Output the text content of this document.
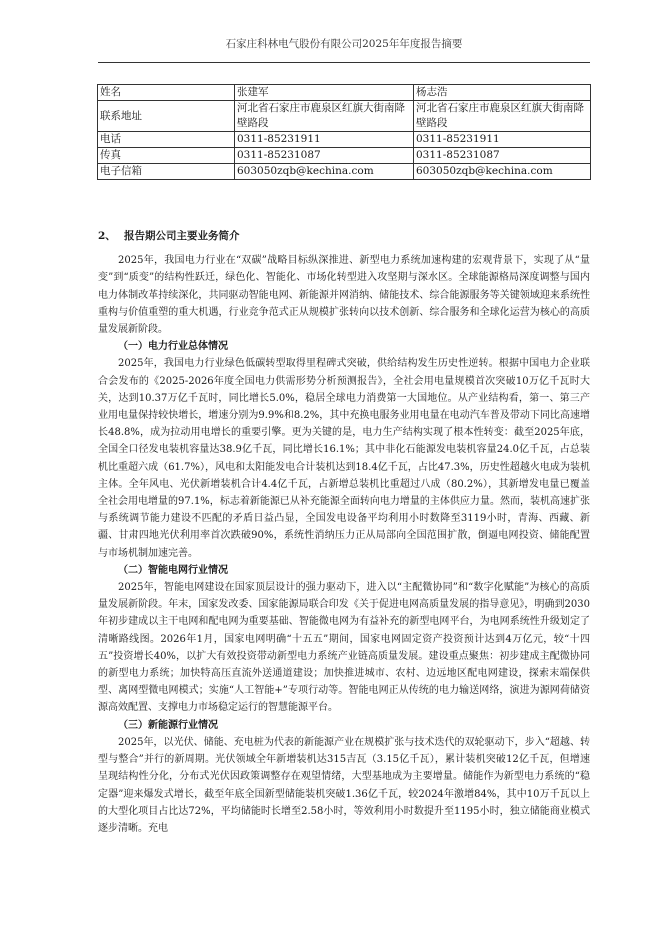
石家庄科林电气股份有限公司2025年年度报告摘要
姓名	张建军	杨志浩
联系地址	河北省石家庄市鹿泉区红旗大街南降壁路段	河北省石家庄市鹿泉区红旗大街南降壁路段
电话	0311-85231911	0311-85231911
传真	0311-85231087	0311-85231087
电子信箱	603050zqb@kechina.com	603050zqb@kechina.com
2、 报告期公司主要业务简介

2025年，我国电力行业在“双碳”战略目标纵深推进、新型电力系统加速构建的宏观背景下，实现了从“量变”到“质变”的结构性跃迁，绿色化、智能化、市场化转型进入攻坚期与深水区。全球能源格局深度调整与国内电力体制改革持续深化，共同驱动智能电网、新能源并网消纳、储能技术、综合能源服务等关键领域迎来系统性重构与价值重塑的重大机遇，行业竞争范式正从规模扩张转向以技术创新、综合服务和全球化运营为核心的高质量发展新阶段。

（一）电力行业总体情况

2025年，我国电力行业绿色低碳转型取得里程碑式突破，供给结构发生历史性逆转。根据中国电力企业联合会发布的《2025-2026年度全国电力供需形势分析预测报告》，全社会用电量规模首次突破10万亿千瓦时大关，达到10.37万亿千瓦时，同比增长5.0%，稳居全球电力消费第一大国地位。从产业结构看，第一、第三产业用电量保持较快增长，增速分别为9.9%和8.2%，其中充换电服务业用电量在电动汽车普及带动下同比高速增长48.8%，成为拉动用电增长的重要引擎。更为关键的是，电力生产结构实现了根本性转变：截至2025年底，全国全口径发电装机容量达38.9亿千瓦，同比增长16.1%；其中非化石能源发电装机容量24.0亿千瓦，占总装机比重超六成（61.7%），风电和太阳能发电合计装机达到18.4亿千瓦，占比47.3%，历史性超越火电成为装机主体。全年风电、光伏新增装机合计4.4亿千瓦，占新增总装机比重超过八成（80.2%），其新增发电量已覆盖全社会用电增量的97.1%，标志着新能源已从补充能源全面转向电力增量的主体供应力量。然而，装机高速扩张与系统调节能力建设不匹配的矛盾日益凸显，全国发电设备平均利用小时数降至3119小时，青海、西藏、新疆、甘肃四地光伏利用率首次跌破90%，系统性消纳压力正从局部向全国范围扩散，倒逼电网投资、储能配置与市场机制加速完善。

（二）智能电网行业情况

2025年，智能电网建设在国家顶层设计的强力驱动下，进入以“主配微协同”和“数字化赋能”为核心的高质量发展新阶段。年末，国家发改委、国家能源局联合印发《关于促进电网高质量发展的指导意见》，明确到2030年初步建成以主干电网和配电网为重要基础、智能微电网为有益补充的新型电网平台，为电网系统性升级划定了清晰路线图。2026年1月，国家电网明确“十五五”期间，国家电网固定资产投资预计达到4万亿元，较“十四五”投资增长40%，以扩大有效投资带动新型电力系统产业链高质量发展。建设重点聚焦：初步建成主配微协同的新型电力系统；加快特高压直流外送通道建设；加快推进城市、农村、边远地区配电网建设，探索末端保供型、离网型微电网模式；实施“人工智能+”专项行动等。智能电网正从传统的电力输送网络，演进为源网荷储资源高效配置、支撑电力市场稳定运行的智慧能源平台。

（三）新能源行业情况

2025年，以光伏、储能、充电桩为代表的新能源产业在规模扩张与技术迭代的双轮驱动下，步入“超越、转型与整合”并行的新周期。光伏领域全年新增装机达315吉瓦（3.15亿千瓦），累计装机突破12亿千瓦，但增速呈现结构性分化，分布式光伏因政策调整存在观望情绪，大型基地成为主要增量。储能作为新型电力系统的“稳定器”迎来爆发式增长，截至年底全国新型储能装机突破1.36亿千瓦，较2024年激增84%，其中10万千瓦以上的大型化项目占比达72%，平均储能时长增至2.58小时，等效利用小时数提升至1195小时，独立储能商业模式逐步清晰。充电
